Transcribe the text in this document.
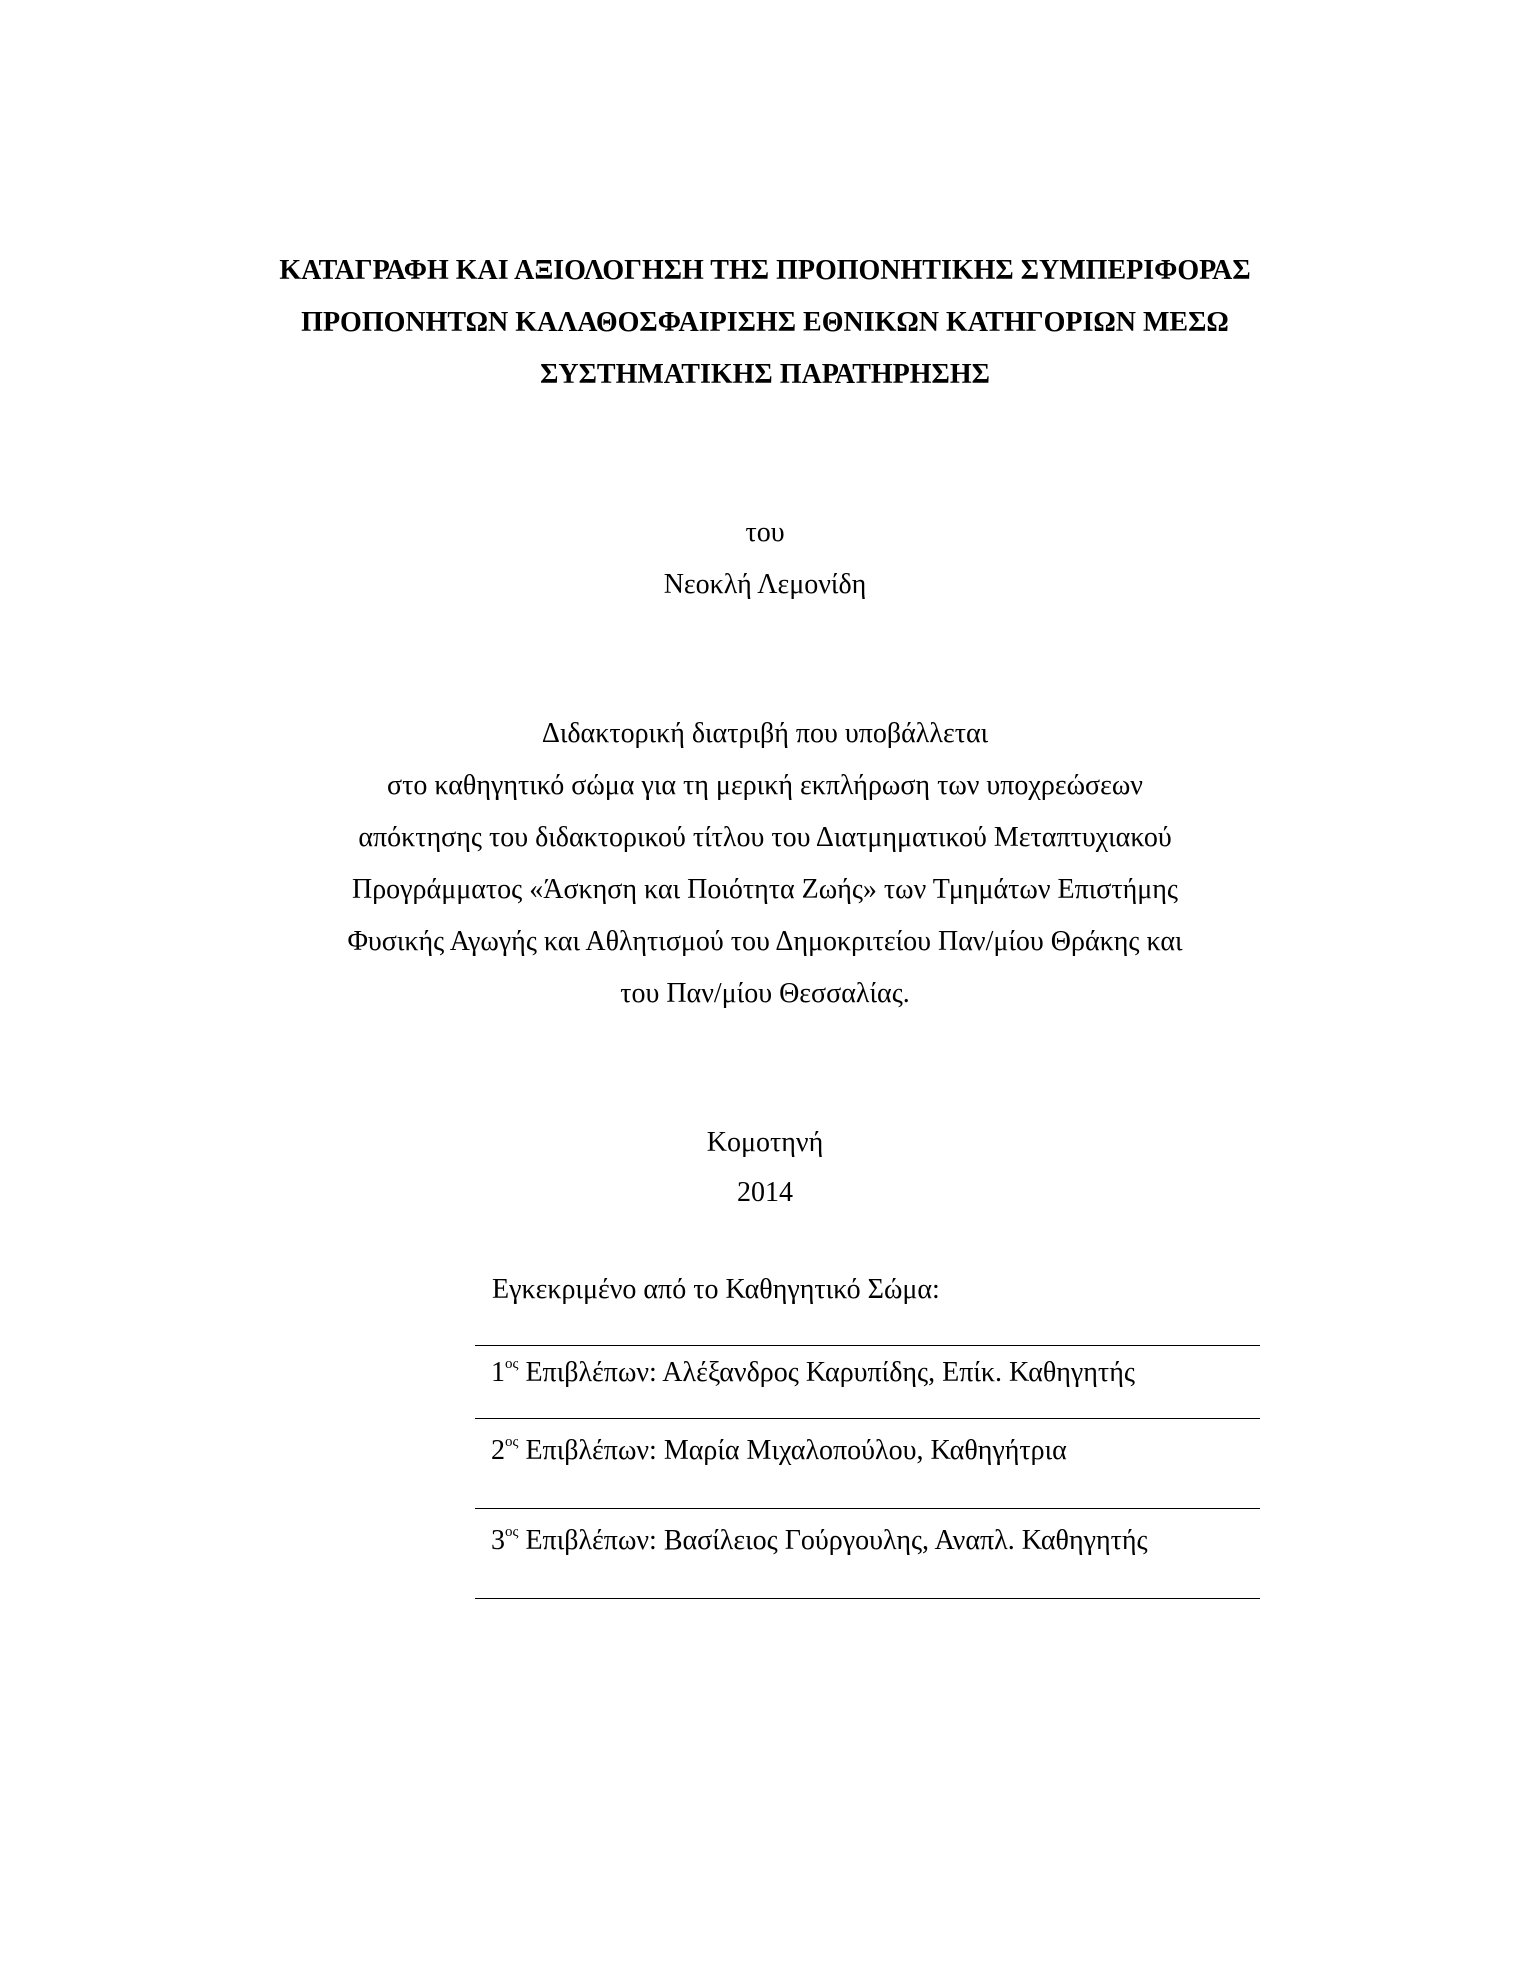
ΚΑΤΑΓΡΑΦΗ ΚΑΙ ΑΞΙΟΛΟΓΗΣΗ ΤΗΣ ΠΡΟΠΟΝΗΤΙΚΗΣ ΣΥΜΠΕΡΙΦΟΡΑΣ
ΠΡΟΠΟΝΗΤΩΝ ΚΑΛΑΘΟΣΦΑΙΡΙΣΗΣ ΕΘΝΙΚΩΝ ΚΑΤΗΓΟΡΙΩΝ ΜΕΣΩ
ΣΥΣΤΗΜΑΤΙΚΗΣ ΠΑΡΑΤΗΡΗΣΗΣ
του
Νεοκλή Λεμονίδη
Διδακτορική διατριβή που υποβάλλεται
στο καθηγητικό σώμα για τη μερική εκπλήρωση των υποχρεώσεων
απόκτησης του διδακτορικού τίτλου του Διατμηματικού Μεταπτυχιακού
Προγράμματος «Άσκηση και Ποιότητα Ζωής» των Τμημάτων Επιστήμης
Φυσικής Αγωγής και Αθλητισμού του Δημοκριτείου Παν/μίου Θράκης και
του Παν/μίου Θεσσαλίας.
Κομοτηνή
2014
Εγκεκριμένο από το Καθηγητικό Σώμα:
$1^{o\varsigma}$ Επιβλέπων: Αλέξανδρος Καρυπίδης, Επίκ. Καθηγητής
$2^{o\varsigma}$ Επιβλέπων: Μαρία Μιχαλοπούλου, Καθηγήτρια
$3^{o\varsigma}$ Επιβλέπων: Βασίλειος Γούργουλης, Αναπλ. Καθηγητής
